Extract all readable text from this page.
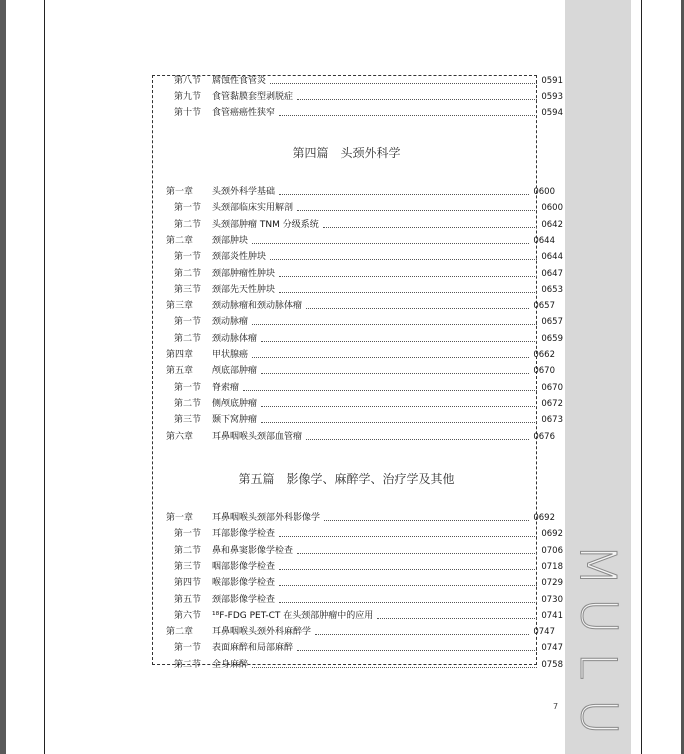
M
U
L
U
第八节	腐蚀性食管炎	0591
第九节	食管黏膜套型剥脱症	0593
第十节	食管癌癌性狭窄	0594
第四篇 头颈外科学
第一章	头颈外科学基础	0600
第一节	头颈部临床实用解剖	0600
第二节	头颈部肿瘤 TNM 分级系统	0642
第二章	颈部肿块	0644
第一节	颈部炎性肿块	0644
第二节	颈部肿瘤性肿块	0647
第三节	颈部先天性肿块	0653
第三章	颈动脉瘤和颈动脉体瘤	0657
第一节	颈动脉瘤	0657
第二节	颈动脉体瘤	0659
第四章	甲状腺癌	0662
第五章	颅底部肿瘤	0670
第一节	脊索瘤	0670
第二节	侧颅底肿瘤	0672
第三节	颞下窝肿瘤	0673
第六章	耳鼻咽喉头颈部血管瘤	0676
第五篇 影像学、麻醉学、治疗学及其他
第一章	耳鼻咽喉头颈部外科影像学	0692
第一节	耳部影像学检查	0692
第二节	鼻和鼻窦影像学检查	0706
第三节	咽部影像学检查	0718
第四节	喉部影像学检查	0729
第五节	颈部影像学检查	0730
第六节	¹⁸F-FDG PET-CT 在头颈部肿瘤中的应用	0741
第二章	耳鼻咽喉头颈外科麻醉学	0747
第一节	表面麻醉和局部麻醉	0747
第二节	全身麻醉	0758
7
